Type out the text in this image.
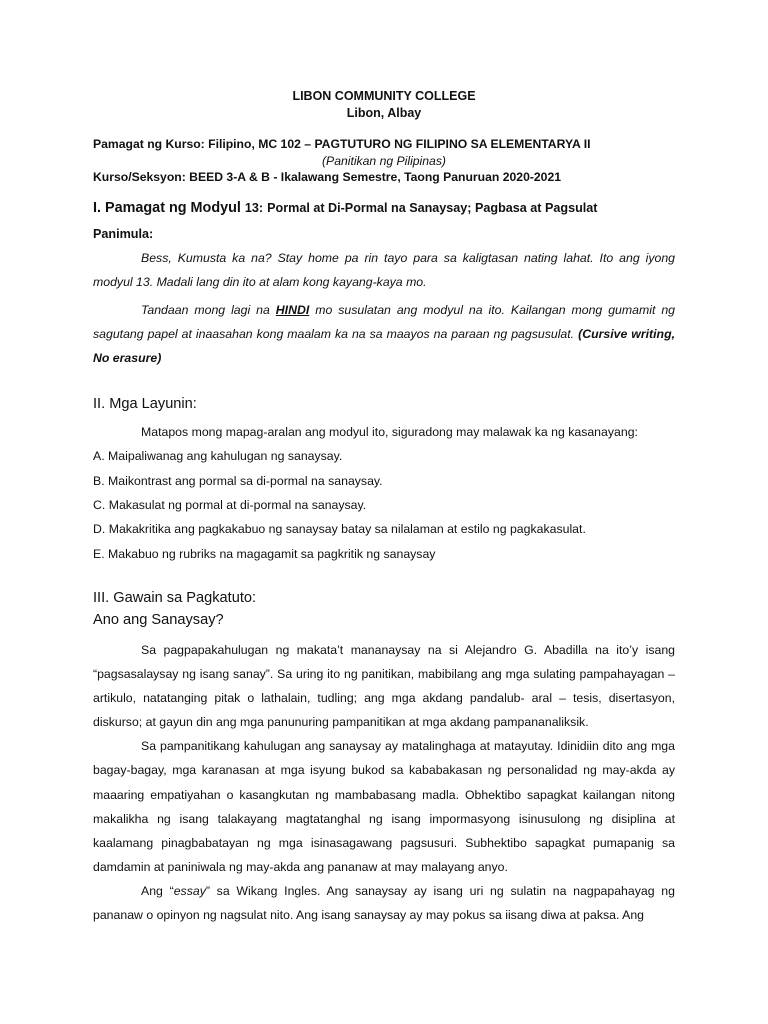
LIBON COMMUNITY COLLEGE
Libon, Albay
Pamagat ng Kurso: Filipino, MC 102 – PAGTUTURO NG FILIPINO SA ELEMENTARYA II
(Panitikan ng Pilipinas)
Kurso/Seksyon: BEED 3-A & B - Ikalawang Semestre, Taong Panuruan 2020-2021
I. Pamagat ng Modyul 13: Pormal at Di-Pormal na Sanaysay; Pagbasa at Pagsulat
Panimula:
Bess, Kumusta ka na? Stay home pa rin tayo para sa kaligtasan nating lahat. Ito ang iyong modyul 13. Madali lang din ito at alam kong kayang-kaya mo.
Tandaan mong lagi na HINDI mo susulatan ang modyul na ito. Kailangan mong gumamit ng sagutang papel at inaasahan kong maalam ka na sa maayos na paraan ng pagsusulat. (Cursive writing, No erasure)
II. Mga Layunin:
Matapos mong mapag-aralan ang modyul ito, siguradong may malawak ka ng kasanayang:
A. Maipaliwanag ang kahulugan ng sanaysay.
B. Maikontrast ang pormal sa di-pormal na sanaysay.
C. Makasulat ng pormal at di-pormal na sanaysay.
D. Makakritika ang pagkakabuo ng sanaysay batay sa nilalaman at estilo ng pagkakasulat.
E. Makabuo ng rubriks na magagamit sa pagkritik ng sanaysay
III. Gawain sa Pagkatuto:
Ano ang Sanaysay?
Sa pagpapakahulugan ng makata’t mananaysay na si Alejandro G. Abadilla na ito’y isang “pagsasalaysay ng isang sanay”. Sa uring ito ng panitikan, mabibilang ang mga sulating pampahayagan – artikulo, natatanging pitak o lathalain, tudling; ang mga akdang pandalub- aral – tesis, disertasyon, diskurso; at gayun din ang mga panunuring pampanitikan at mga akdang pampananaliksik.
Sa pampanitikang kahulugan ang sanaysay ay matalinghaga at matayutay. Idinidiin dito ang mga bagay-bagay, mga karanasan at mga isyung bukod sa kababakasan ng personalidad ng may-akda ay maaaring empatiyahan o kasangkutan ng mambabasang madla. Obhektibo sapagkat kailangan nitong makalikha ng isang talakayang magtatanghal ng isang impormasyong isinusulong ng disiplina at kaalamang pinagbabatayan ng mga isinasagawang pagsusuri. Subhektibo sapagkat pumapanig sa damdamin at paniniwala ng may-akda ang pananaw at may malayang anyo.
Ang “essay” sa Wikang Ingles. Ang sanaysay ay isang uri ng sulatin na nagpapahayag ng pananaw o opinyon ng nagsulat nito. Ang isang sanaysay ay may pokus sa iisang diwa at paksa. Ang
